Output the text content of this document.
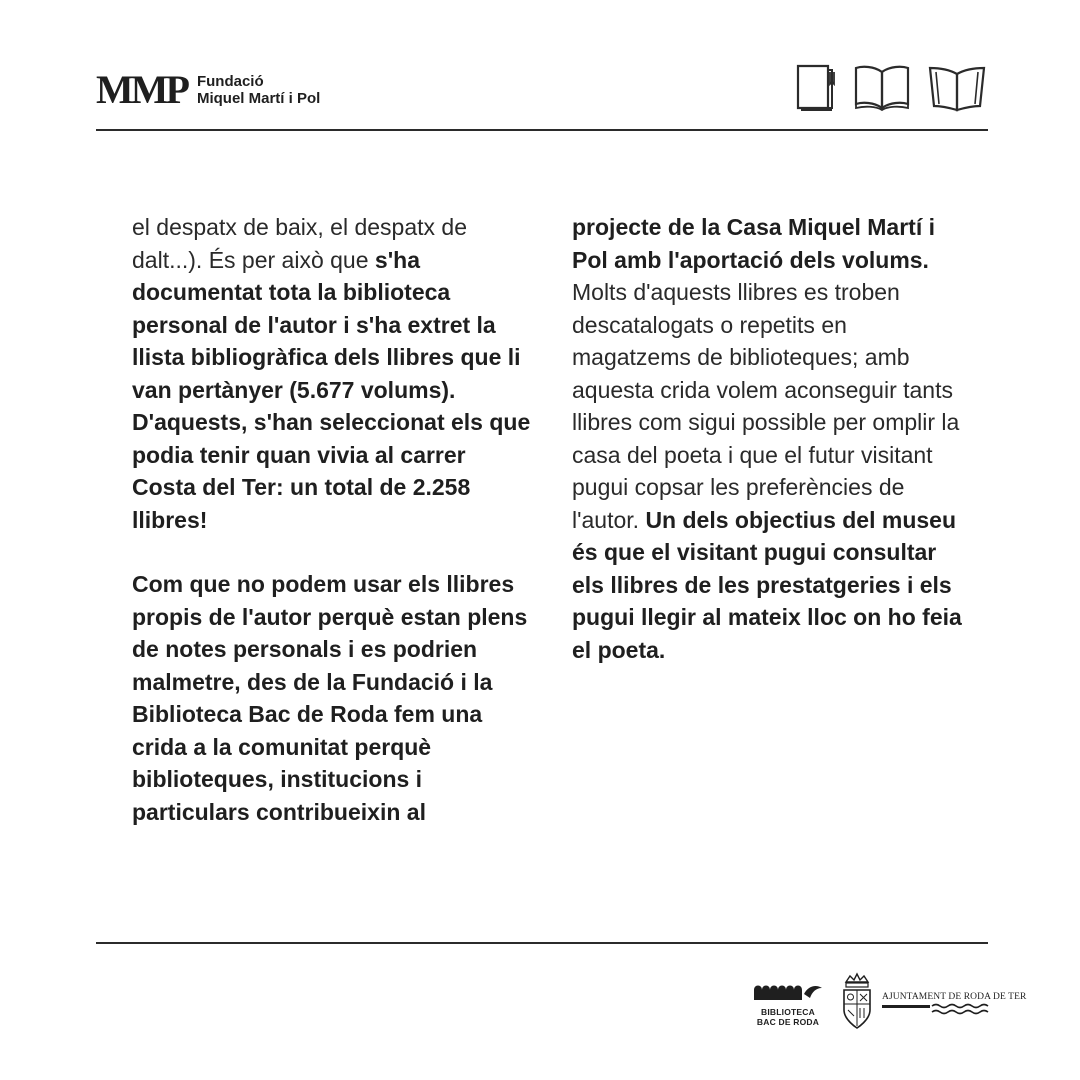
MMP Fundació
Miquel Martí i Pol

el despatx de baix, el despatx de dalt...). És per això que s'ha documentat tota la biblioteca personal de l'autor i s'ha extret la llista bibliogràfica dels llibres que li van pertànyer (5.677 volums). D'aquests, s'han seleccionat els que podia tenir quan vivia al carrer Costa del Ter: un total de 2.258 llibres!

Com que no podem usar els llibres propis de l'autor perquè estan plens de notes personals i es podrien malmetre, des de la Fundació i la Biblioteca Bac de Roda fem una crida a la comunitat perquè biblioteques, institucions i particulars contribueixin al

projecte de la Casa Miquel Martí i Pol amb l'aportació dels volums.
Molts d'aquests llibres es troben descatalogats o repetits en magatzems de biblioteques; amb aquesta crida volem aconseguir tants llibres com sigui possible per omplir la casa del poeta i que el futur visitant pugui copsar les preferències de l'autor. Un dels objectius del museu és que el visitant pugui consultar els llibres de les prestatgeries i els pugui llegir al mateix lloc on ho feia el poeta.

BIBLIOTECA
BAC DE RODA
AJUNTAMENT DE RODA DE TER
